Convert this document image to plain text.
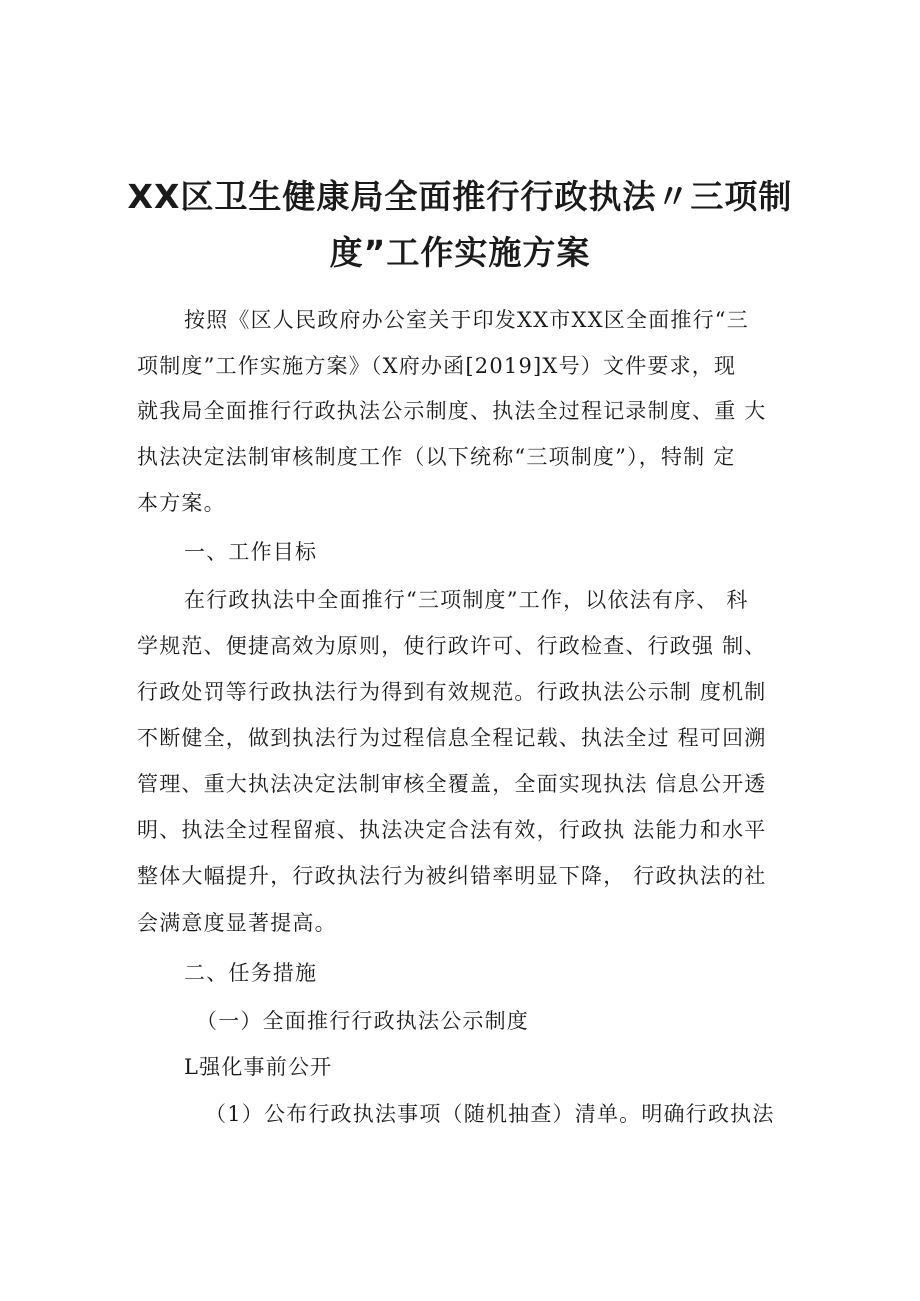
XX区卫生健康局全面推行行政执法〃三项制
度”工作实施方案

按照《区人民政府办公室关于印发XX市XX区全面推行“三

项制度”工作实施方案》（X府办函[2019]X号）文件要求，现

就我局全面推行行政执法公示制度、执法全过程记录制度、重 大

执法决定法制审核制度工作（以下统称“三项制度”），特制 定

本方案。

一、工作目标

在行政执法中全面推行“三项制度”工作，以依法有序、 科

学规范、便捷高效为原则，使行政许可、行政检查、行政强 制、

行政处罚等行政执法行为得到有效规范。行政执法公示制 度机制

不断健全，做到执法行为过程信息全程记载、执法全过 程可回溯

管理、重大执法决定法制审核全覆盖，全面实现执法 信息公开透

明、执法全过程留痕、执法决定合法有效，行政执 法能力和水平

整体大幅提升，行政执法行为被纠错率明显下降， 行政执法的社

会满意度显著提高。

二、任务措施

（一）全面推行行政执法公示制度

L强化事前公开

（1）公布行政执法事项（随机抽查）清单。明确行政执法
